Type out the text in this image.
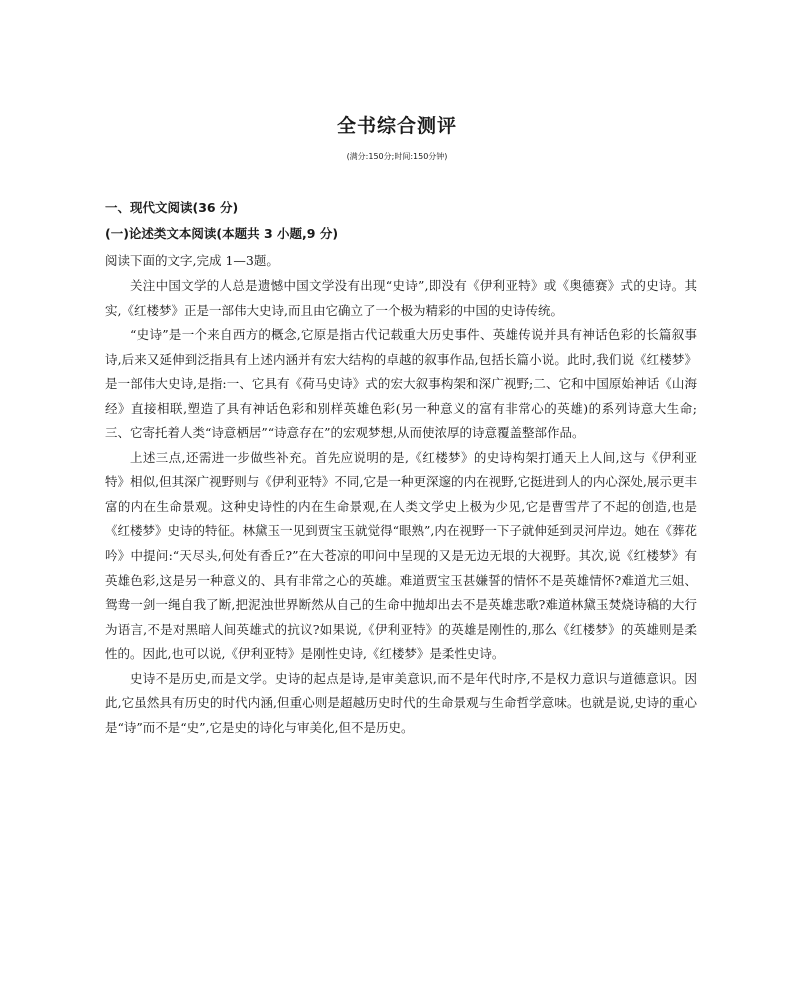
全书综合测评
(满分:150分;时间:150分钟)
一、现代文阅读(36 分)
(一)论述类文本阅读(本题共 3 小题,9 分)
阅读下面的文字,完成 1—3题。

关注中国文学的人总是遗憾中国文学没有出现“史诗”,即没有《伊利亚特》或《奥德赛》式的史诗。其实,《红楼梦》正是一部伟大史诗,而且由它确立了一个极为精彩的中国的史诗传统。

“史诗”是一个来自西方的概念,它原是指古代记载重大历史事件、英雄传说并具有神话色彩的长篇叙事诗,后来又延伸到泛指具有上述内涵并有宏大结构的卓越的叙事作品,包括长篇小说。此时,我们说《红楼梦》是一部伟大史诗,是指:一、它具有《荷马史诗》式的宏大叙事构架和深广视野;二、它和中国原始神话《山海经》直接相联,塑造了具有神话色彩和别样英雄色彩(另一种意义的富有非常心的英雄)的系列诗意大生命;三、它寄托着人类“诗意栖居”“诗意存在”的宏观梦想,从而使浓厚的诗意覆盖整部作品。

上述三点,还需进一步做些补充。首先应说明的是,《红楼梦》的史诗构架打通天上人间,这与《伊利亚特》相似,但其深广视野则与《伊利亚特》不同,它是一种更深邃的内在视野,它挺进到人的内心深处,展示更丰富的内在生命景观。这种史诗性的内在生命景观,在人类文学史上极为少见,它是曹雪芹了不起的创造,也是《红楼梦》史诗的特征。林黛玉一见到贾宝玉就觉得“眼熟”,内在视野一下子就伸延到灵河岸边。她在《葬花吟》中提问:“天尽头,何处有香丘?”在大苍凉的叩问中呈现的又是无边无垠的大视野。其次,说《红楼梦》有英雄色彩,这是另一种意义的、具有非常之心的英雄。难道贾宝玉甚嫌誓的情怀不是英雄情怀?难道尤三姐、鸳鸯一剑一绳自我了断,把泥浊世界断然从自己的生命中抛却出去不是英雄悲歌?难道林黛玉焚烧诗稿的大行为语言,不是对黑暗人间英雄式的抗议?如果说,《伊利亚特》的英雄是刚性的,那么《红楼梦》的英雄则是柔性的。因此,也可以说,《伊利亚特》是刚性史诗,《红楼梦》是柔性史诗。

史诗不是历史,而是文学。史诗的起点是诗,是审美意识,而不是年代时序,不是权力意识与道德意识。因此,它虽然具有历史的时代内涵,但重心则是超越历史时代的生命景观与生命哲学意味。也就是说,史诗的重心是“诗”而不是“史”,它是史的诗化与审美化,但不是历史。
